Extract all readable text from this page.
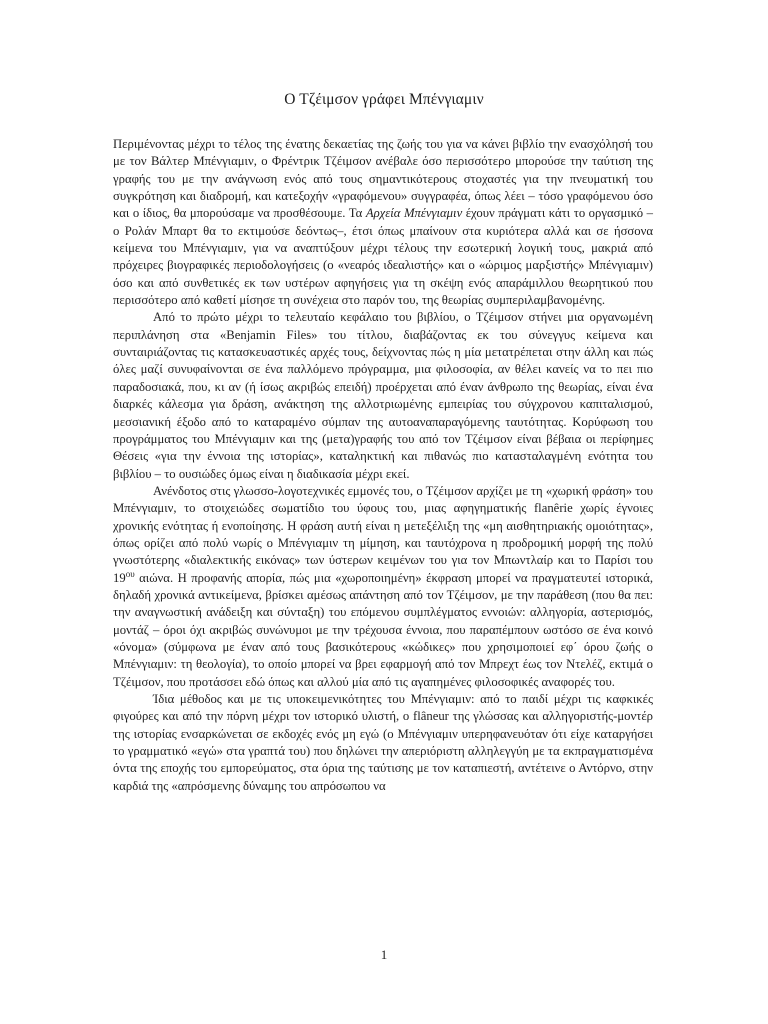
Ο Τζέιμσον γράφει Μπένγιαμιν

Περιμένοντας μέχρι το τέλος της ένατης δεκαετίας της ζωής του για να κάνει βιβλίο την ενασχόλησή του με τον Βάλτερ Μπένγιαμιν, ο Φρέντρικ Τζέιμσον ανέβαλε όσο περισσότερο μπορούσε την ταύτιση της γραφής του με την ανάγνωση ενός από τους σημαντικότερους στοχαστές για την πνευματική του συγκρότηση και διαδρομή, και κατεξοχήν «γραφόμενου» συγγραφέα, όπως λέει – τόσο γραφόμενου όσο και ο ίδιος, θα μπορούσαμε να προσθέσουμε. Τα Αρχεία Μπένγιαμιν έχουν πράγματι κάτι το οργασμικό –ο Ρολάν Μπαρτ θα το εκτιμούσε δεόντως–, έτσι όπως μπαίνουν στα κυριότερα αλλά και σε ήσσονα κείμενα του Μπένγιαμιν, για να αναπτύξουν μέχρι τέλους την εσωτερική λογική τους, μακριά από πρόχειρες βιογραφικές περιοδολογήσεις (ο «νεαρός ιδεαλιστής» και ο «ώριμος μαρξιστής» Μπένγιαμιν) όσο και από συνθετικές εκ των υστέρων αφηγήσεις για τη σκέψη ενός απαράμιλλου θεωρητικού που περισσότερο από καθετί μίσησε τη συνέχεια στο παρόν του, της θεωρίας συμπεριλαμβανομένης.

Από το πρώτο μέχρι το τελευταίο κεφάλαιο του βιβλίου, ο Τζέιμσον στήνει μια οργανωμένη περιπλάνηση στα «Benjamin Files» του τίτλου, διαβάζοντας εκ του σύνεγγυς κείμενα και συνταιριάζοντας τις κατασκευαστικές αρχές τους, δείχνοντας πώς η μία μετατρέπεται στην άλλη και πώς όλες μαζί συνυφαίνονται σε ένα παλλόμενο πρόγραμμα, μια φιλοσοφία, αν θέλει κανείς να το πει πιο παραδοσιακά, που, κι αν (ή ίσως ακριβώς επειδή) προέρχεται από έναν άνθρωπο της θεωρίας, είναι ένα διαρκές κάλεσμα για δράση, ανάκτηση της αλλοτριωμένης εμπειρίας του σύγχρονου καπιταλισμού, μεσσιανική έξοδο από το καταραμένο σύμπαν της αυτοαναπαραγόμενης ταυτότητας. Κορύφωση του προγράμματος του Μπένγιαμιν και της (μετα)γραφής του από τον Τζέιμσον είναι βέβαια οι περίφημες Θέσεις «για την έννοια της ιστορίας», καταληκτική και πιθανώς πιο κατασταλαγμένη ενότητα του βιβλίου – το ουσιώδες όμως είναι η διαδικασία μέχρι εκεί.

Ανένδοτος στις γλωσσο-λογοτεχνικές εμμονές του, ο Τζέιμσον αρχίζει με τη «χωρική φράση» του Μπένγιαμιν, το στοιχειώδες σωματίδιο του ύφους του, μιας αφηγηματικής flanêrie χωρίς έγνοιες χρονικής ενότητας ή ενοποίησης. Η φράση αυτή είναι η μετεξέλιξη της «μη αισθητηριακής ομοιότητας», όπως ορίζει από πολύ νωρίς ο Μπένγιαμιν τη μίμηση, και ταυτόχρονα η προδρομική μορφή της πολύ γνωστότερης «διαλεκτικής εικόνας» των ύστερων κειμένων του για τον Μπωντλαίρ και το Παρίσι του $19^{o\upsilon}$ αιώνα. Η προφανής απορία, πώς μια «χωροποιημένη» έκφραση μπορεί να πραγματευτεί ιστορικά, δηλαδή χρονικά αντικείμενα, βρίσκει αμέσως απάντηση από τον Τζέιμσον, με την παράθεση (που θα πει: την αναγνωστική ανάδειξη και σύνταξη) του επόμενου συμπλέγματος εννοιών: αλληγορία, αστερισμός, μοντάζ – όροι όχι ακριβώς συνώνυμοι με την τρέχουσα έννοια, που παραπέμπουν ωστόσο σε ένα κοινό «όνομα» (σύμφωνα με έναν από τους βασικότερους «κώδικες» που χρησιμοποιεί εφ΄ όρου ζωής ο Μπένγιαμιν: τη θεολογία), το οποίο μπορεί να βρει εφαρμογή από τον Μπρεχτ έως τον Ντελέζ, εκτιμά ο Τζέιμσον, που προτάσσει εδώ όπως και αλλού μία από τις αγαπημένες φιλοσοφικές αναφορές του.

Ίδια μέθοδος και με τις υποκειμενικότητες του Μπένγιαμιν: από το παιδί μέχρι τις καφκικές φιγούρες και από την πόρνη μέχρι τον ιστορικό υλιστή, ο flâneur της γλώσσας και αλληγοριστής-μοντέρ της ιστορίας ενσαρκώνεται σε εκδοχές ενός μη εγώ (ο Μπένγιαμιν υπερηφανευόταν ότι είχε καταργήσει το γραμματικό «εγώ» στα γραπτά του) που δηλώνει την απεριόριστη αλληλεγγύη με τα εκπραγματισμένα όντα της εποχής του εμπορεύματος, στα όρια της ταύτισης με τον καταπιεστή, αντέτεινε ο Αντόρνο, στην καρδιά της «απρόσμενης δύναμης του απρόσωπου να

1
